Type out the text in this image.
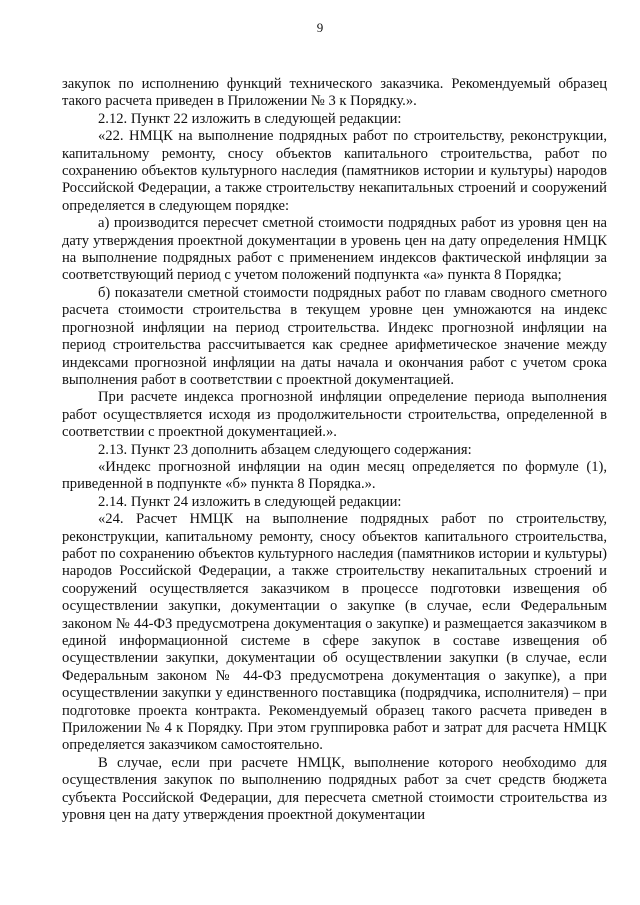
9

закупок по исполнению функций технического заказчика. Рекомендуемый образец такого расчета приведен в Приложении № 3 к Порядку.».

2.12. Пункт 22 изложить в следующей редакции:

«22. НМЦК на выполнение подрядных работ по строительству, реконструкции, капитальному ремонту, сносу объектов капитального строительства, работ по сохранению объектов культурного наследия (памятников истории и культуры) народов Российской Федерации, а также строительству некапитальных строений и сооружений определяется в следующем порядке:

а) производится пересчет сметной стоимости подрядных работ из уровня цен на дату утверждения проектной документации в уровень цен на дату определения НМЦК на выполнение подрядных работ с применением индексов фактической инфляции за соответствующий период с учетом положений подпункта «а» пункта 8 Порядка;

б) показатели сметной стоимости подрядных работ по главам сводного сметного расчета стоимости строительства в текущем уровне цен умножаются на индекс прогнозной инфляции на период строительства. Индекс прогнозной инфляции на период строительства рассчитывается как среднее арифметическое значение между индексами прогнозной инфляции на даты начала и окончания работ с учетом срока выполнения работ в соответствии с проектной документацией.

При расчете индекса прогнозной инфляции определение периода выполнения работ осуществляется исходя из продолжительности строительства, определенной в соответствии с проектной документацией.».

2.13. Пункт 23 дополнить абзацем следующего содержания:

«Индекс прогнозной инфляции на один месяц определяется по формуле (1), приведенной в подпункте «б» пункта 8 Порядка.».

2.14. Пункт 24 изложить в следующей редакции:

«24. Расчет НМЦК на выполнение подрядных работ по строительству, реконструкции, капитальному ремонту, сносу объектов капитального строительства, работ по сохранению объектов культурного наследия (памятников истории и культуры) народов Российской Федерации, а также строительству некапитальных строений и сооружений осуществляется заказчиком в процессе подготовки извещения об осуществлении закупки, документации о закупке (в случае, если Федеральным законом № 44-ФЗ предусмотрена документация о закупке) и размещается заказчиком в единой информационной системе в сфере закупок в составе извещения об осуществлении закупки, документации об осуществлении закупки (в случае, если Федеральным законом № 44-ФЗ предусмотрена документация о закупке), а при осуществлении закупки у единственного поставщика (подрядчика, исполнителя) – при подготовке проекта контракта. Рекомендуемый образец такого расчета приведен в Приложении № 4 к Порядку. При этом группировка работ и затрат для расчета НМЦК определяется заказчиком самостоятельно.

В случае, если при расчете НМЦК, выполнение которого необходимо для осуществления закупок по выполнению подрядных работ за счет средств бюджета субъекта Российской Федерации, для пересчета сметной стоимости строительства из уровня цен на дату утверждения проектной документации
